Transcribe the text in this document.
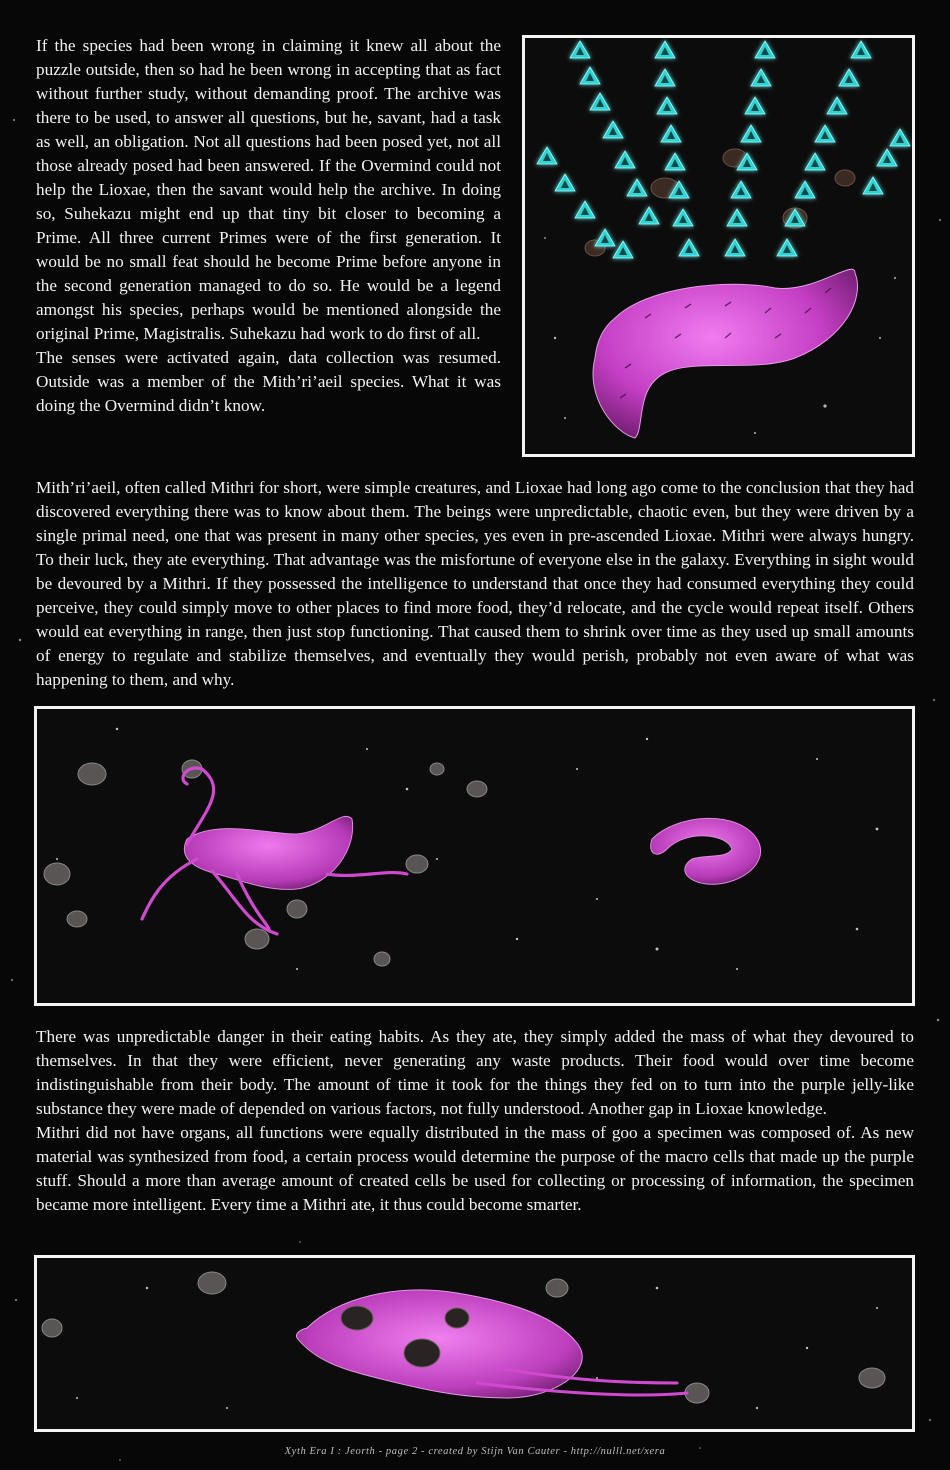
If the species had been wrong in claiming it knew all about the puzzle outside, then so had he been wrong in accepting that as fact without further study, without demanding proof. The archive was there to be used, to answer all questions, but he, savant, had a task as well, an obligation. Not all questions had been posed yet, not all those already posed had been answered. If the Overmind could not help the Lioxae, then the savant would help the archive. In doing so, Suhekazu might end up that tiny bit closer to becoming a Prime. All three current Primes were of the first generation. It would be no small feat should he become Prime before anyone in the second generation managed to do so. He would be a legend amongst his species, perhaps would be mentioned alongside the original Prime, Magistralis. Suhekazu had work to do first of all.

The senses were activated again, data collection was resumed. Outside was a member of the Mith’ri’aeil species. What it was doing the Overmind didn’t know.

Mith’ri’aeil, often called Mithri for short, were simple creatures, and Lioxae had long ago come to the conclusion that they had discovered everything there was to know about them. The beings were unpredictable, chaotic even, but they were driven by a single primal need, one that was present in many other species, yes even in pre-ascended Lioxae. Mithri were always hungry. To their luck, they ate everything. That advantage was the misfortune of everyone else in the galaxy. Everything in sight would be devoured by a Mithri. If they possessed the intelligence to understand that once they had consumed everything they could perceive, they could simply move to other places to find more food, they’d relocate, and the cycle would repeat itself. Others would eat everything in range, then just stop functioning. That caused them to shrink over time as they used up small amounts of energy to regulate and stabilize themselves, and eventually they would perish, probably not even aware of what was happening to them, and why.

There was unpredictable danger in their eating habits. As they ate, they simply added the mass of what they devoured to themselves. In that they were efficient, never generating any waste products. Their food would over time become indistinguishable from their body. The amount of time it took for the things they fed on to turn into the purple jelly-like substance they were made of depended on various factors, not fully understood. Another gap in Lioxae knowledge.

Mithri did not have organs, all functions were equally distributed in the mass of goo a specimen was composed of. As new material was synthesized from food, a certain process would determine the purpose of the macro cells that made up the purple stuff. Should a more than average amount of created cells be used for collecting or processing of information, the specimen became more intelligent. Every time a Mithri ate, it thus could become smarter.

Xyth Era I : Jeorth - page 2 - created by Stijn Van Cauter - http://nulll.net/xera
